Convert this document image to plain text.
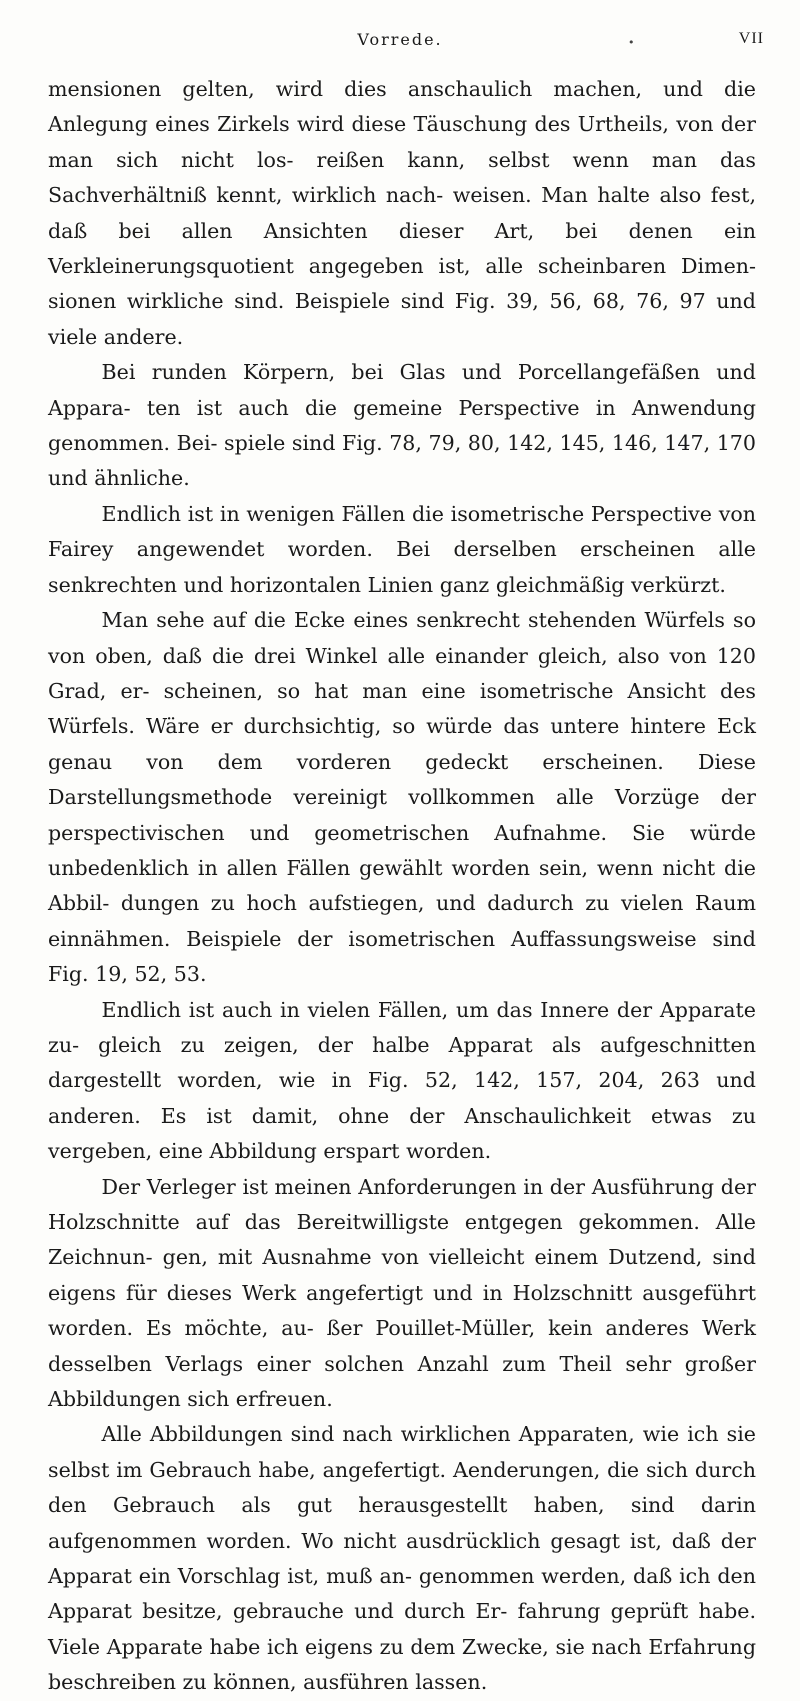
•
Vorrede.	VII

mensionen gelten, wird dies anschaulich machen, und die Anlegung eines Zirkels wird diese Täuschung des Urtheils, von der man sich nicht los- reißen kann, selbst wenn man das Sachverhältniß kennt, wirklich nach- weisen. Man halte also fest, daß bei allen Ansichten dieser Art, bei denen ein Verkleinerungsquotient angegeben ist, alle scheinbaren Dimen- sionen wirkliche sind. Beispiele sind Fig. 39, 56, 68, 76, 97 und viele andere.

Bei runden Körpern, bei Glas und Porcellangefäßen und Appara- ten ist auch die gemeine Perspective in Anwendung genommen. Bei- spiele sind Fig. 78, 79, 80, 142, 145, 146, 147, 170 und ähnliche.

Endlich ist in wenigen Fällen die isometrische Perspective von Fairey angewendet worden. Bei derselben erscheinen alle senkrechten und horizontalen Linien ganz gleichmäßig verkürzt.

Man sehe auf die Ecke eines senkrecht stehenden Würfels so von oben, daß die drei Winkel alle einander gleich, also von 120 Grad, er- scheinen, so hat man eine isometrische Ansicht des Würfels. Wäre er durchsichtig, so würde das untere hintere Eck genau von dem vorderen gedeckt erscheinen. Diese Darstellungsmethode vereinigt vollkommen alle Vorzüge der perspectivischen und geometrischen Aufnahme. Sie würde unbedenklich in allen Fällen gewählt worden sein, wenn nicht die Abbil- dungen zu hoch aufstiegen, und dadurch zu vielen Raum einnähmen. Beispiele der isometrischen Auffassungsweise sind Fig. 19, 52, 53.

Endlich ist auch in vielen Fällen, um das Innere der Apparate zu- gleich zu zeigen, der halbe Apparat als aufgeschnitten dargestellt worden, wie in Fig. 52, 142, 157, 204, 263 und anderen. Es ist damit, ohne der Anschaulichkeit etwas zu vergeben, eine Abbildung erspart worden.

Der Verleger ist meinen Anforderungen in der Ausführung der Holzschnitte auf das Bereitwilligste entgegen gekommen. Alle Zeichnun- gen, mit Ausnahme von vielleicht einem Dutzend, sind eigens für dieses Werk angefertigt und in Holzschnitt ausgeführt worden. Es möchte, au- ßer Pouillet-Müller, kein anderes Werk desselben Verlags einer solchen Anzahl zum Theil sehr großer Abbildungen sich erfreuen.

Alle Abbildungen sind nach wirklichen Apparaten, wie ich sie selbst im Gebrauch habe, angefertigt. Aenderungen, die sich durch den Gebrauch als gut herausgestellt haben, sind darin aufgenommen worden. Wo nicht ausdrücklich gesagt ist, daß der Apparat ein Vorschlag ist, muß an- genommen werden, daß ich den Apparat besitze, gebrauche und durch Er- fahrung geprüft habe. Viele Apparate habe ich eigens zu dem Zwecke, sie nach Erfahrung beschreiben zu können, ausführen lassen.
